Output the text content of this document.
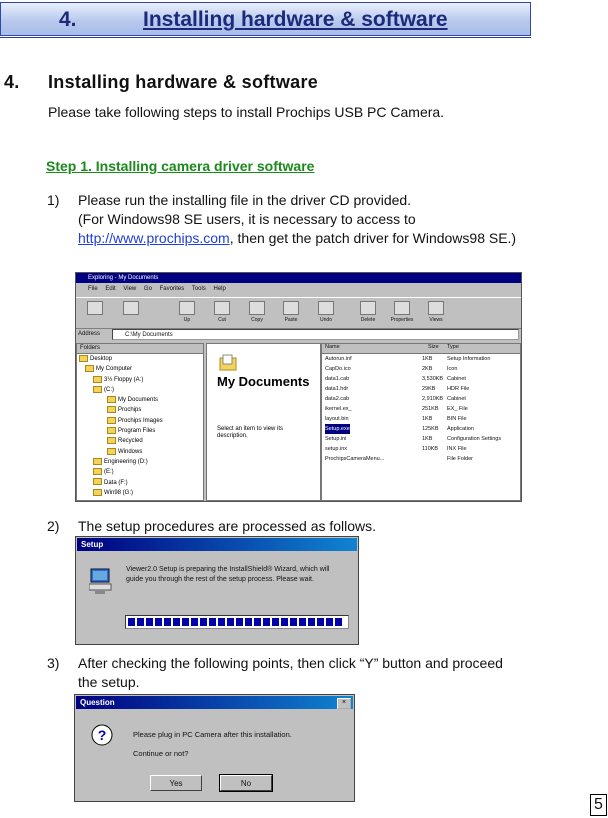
4.	Installing hardware & software
4. Installing hardware & software
Please take following steps to install Prochips USB PC Camera.
Step 1. Installing camera driver software
1) Please run the installing file in the driver CD provided.
(For Windows98 SE users, it is necessary to access to
http://www.prochips.com, then get the patch driver for Windows98 SE.)
Exploring - My Documents
File Edit View Go Favorites Tools Help
Up	Cut	Copy	Paste	Undo	Delete	Properties	Views
Address	C:\My Documents
Folders
Desktop
My Computer
3½ Floppy (A:)
(C:)
My Documents
Prochips
Prochips Images
Program Files
Recycled
Windows
Engineering (D:)
(E:)
Data (F:)
Win98 (G:)
My Documents
Select an item to view its description.
Name	Size Type
Autorun.inf	1KB	Setup Information
CapDo.ico	2KB	Icon
data1.cab	3,530KB Cabinet
data1.hdr	29KB HDR File
data2.cab	2,910KB Cabinet
ikernel.ex_	251KB EX_ File
layout.bin	1KB	BIN File
Setup.exe	125KB Application
Setup.ini	1KB	Configuration Settings
setup.inx	110KB INX File
ProchipsCameraMenu...	File Folder
2) The setup procedures are processed as follows.
Setup
Viewer2.0 Setup is preparing the InstallShield® Wizard, which will guide you through the rest of the setup process. Please wait.
3) After checking the following points, then click “Y” button and proceed
the setup.
Question	×
?	Please plug in PC Camera after this installation.
Continue or not?
Yes	No
5
